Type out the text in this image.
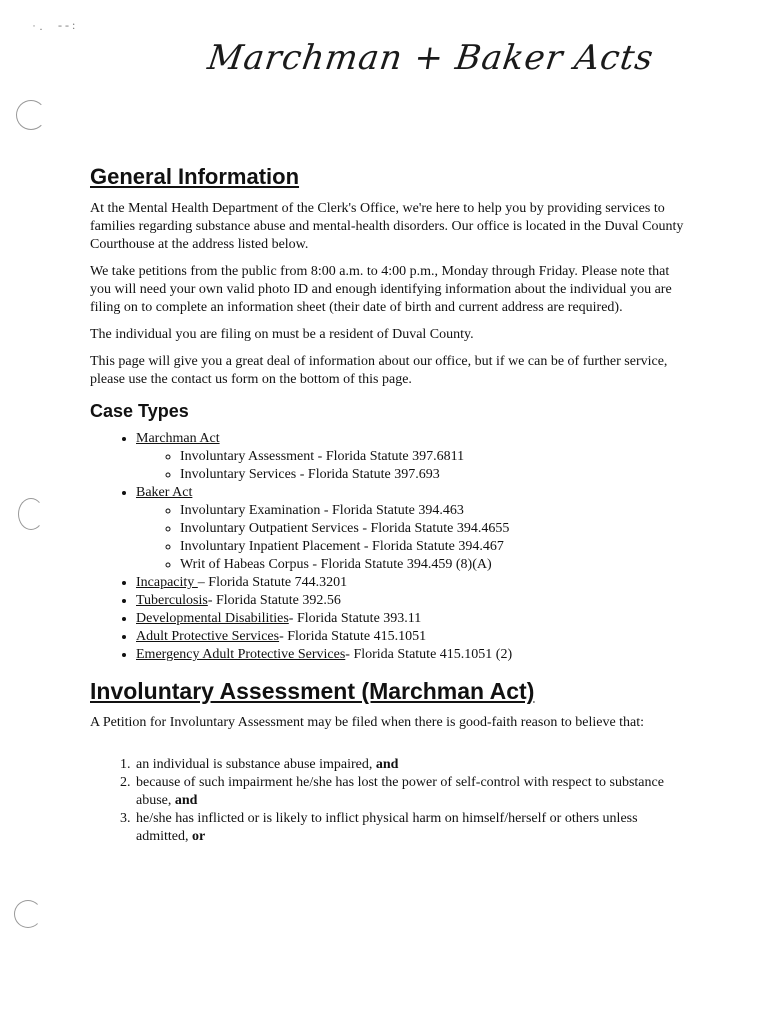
˙ · - - :
Marchman + Baker Acts
General Information

At the Mental Health Department of the Clerk's Office, we're here to help you by providing services to families regarding substance abuse and mental-health disorders. Our office is located in the Duval County Courthouse at the address listed below.

We take petitions from the public from 8:00 a.m. to 4:00 p.m., Monday through Friday. Please note that you will need your own valid photo ID and enough identifying information about the individual you are filing on to complete an information sheet (their date of birth and current address are required).

The individual you are filing on must be a resident of Duval County.

This page will give you a great deal of information about our office, but if we can be of further service, please use the contact us form on the bottom of this page.

Case Types
• Marchman Act
◦ Involuntary Assessment - Florida Statute 397.6811
◦ Involuntary Services - Florida Statute 397.693
• Baker Act
◦ Involuntary Examination - Florida Statute 394.463
◦ Involuntary Outpatient Services - Florida Statute 394.4655
◦ Involuntary Inpatient Placement - Florida Statute 394.467
◦ Writ of Habeas Corpus - Florida Statute 394.459 (8)(A)
• Incapacity – Florida Statute 744.3201
• Tuberculosis- Florida Statute 392.56
• Developmental Disabilities- Florida Statute 393.11
• Adult Protective Services- Florida Statute 415.1051
• Emergency Adult Protective Services- Florida Statute 415.1051 (2)
Involuntary Assessment (Marchman Act)

A Petition for Involuntary Assessment may be filed when there is good-faith reason to believe that:

1. an individual is substance abuse impaired, and
2. because of such impairment he/she has lost the power of self-control with respect to substance abuse, and
3. he/she has inflicted or is likely to inflict physical harm on himself/herself or others unless admitted, or
